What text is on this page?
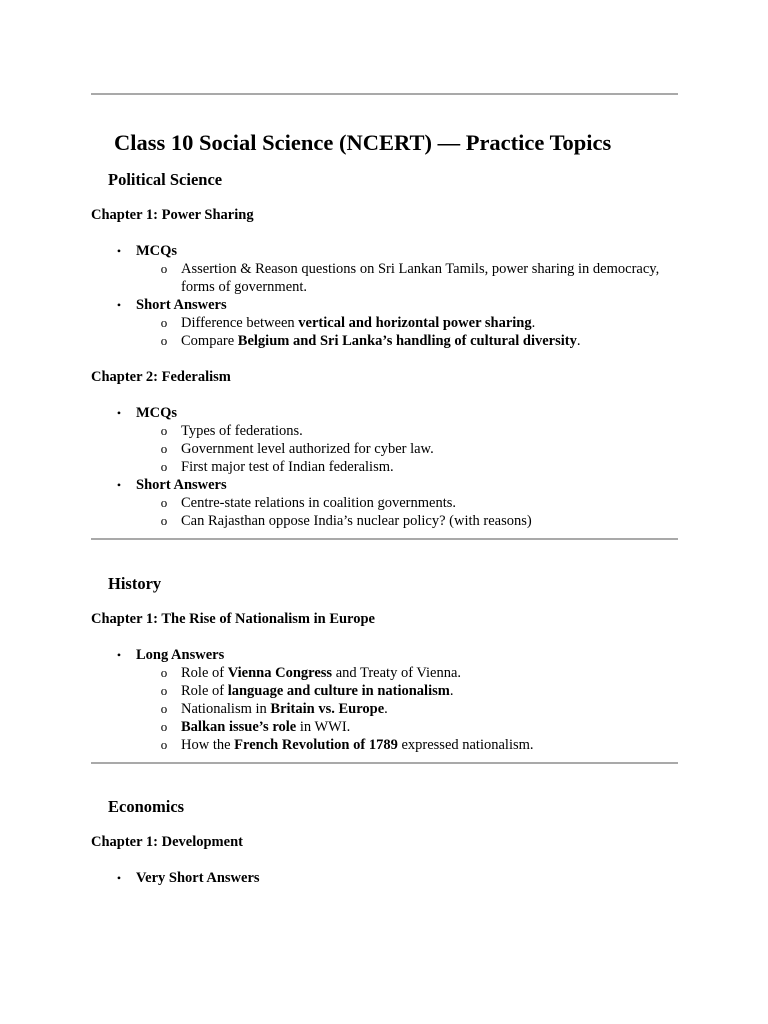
Class 10 Social Science (NCERT) — Practice Topics
Political Science

Chapter 1: Power Sharing

• MCQs
o Assertion & Reason questions on Sri Lankan Tamils, power sharing in democracy, forms of government.
• Short Answers
o Difference between vertical and horizontal power sharing.
o Compare Belgium and Sri Lanka’s handling of cultural diversity.

Chapter 2: Federalism

• MCQs
o Types of federations.
o Government level authorized for cyber law.
o First major test of Indian federalism.
• Short Answers
o Centre-state relations in coalition governments.
o Can Rajasthan oppose India’s nuclear policy? (with reasons)
History

Chapter 1: The Rise of Nationalism in Europe

• Long Answers
o Role of Vienna Congress and Treaty of Vienna.
o Role of language and culture in nationalism.
o Nationalism in Britain vs. Europe.
o Balkan issue’s role in WWI.
o How the French Revolution of 1789 expressed nationalism.
Economics

Chapter 1: Development

• Very Short Answers
